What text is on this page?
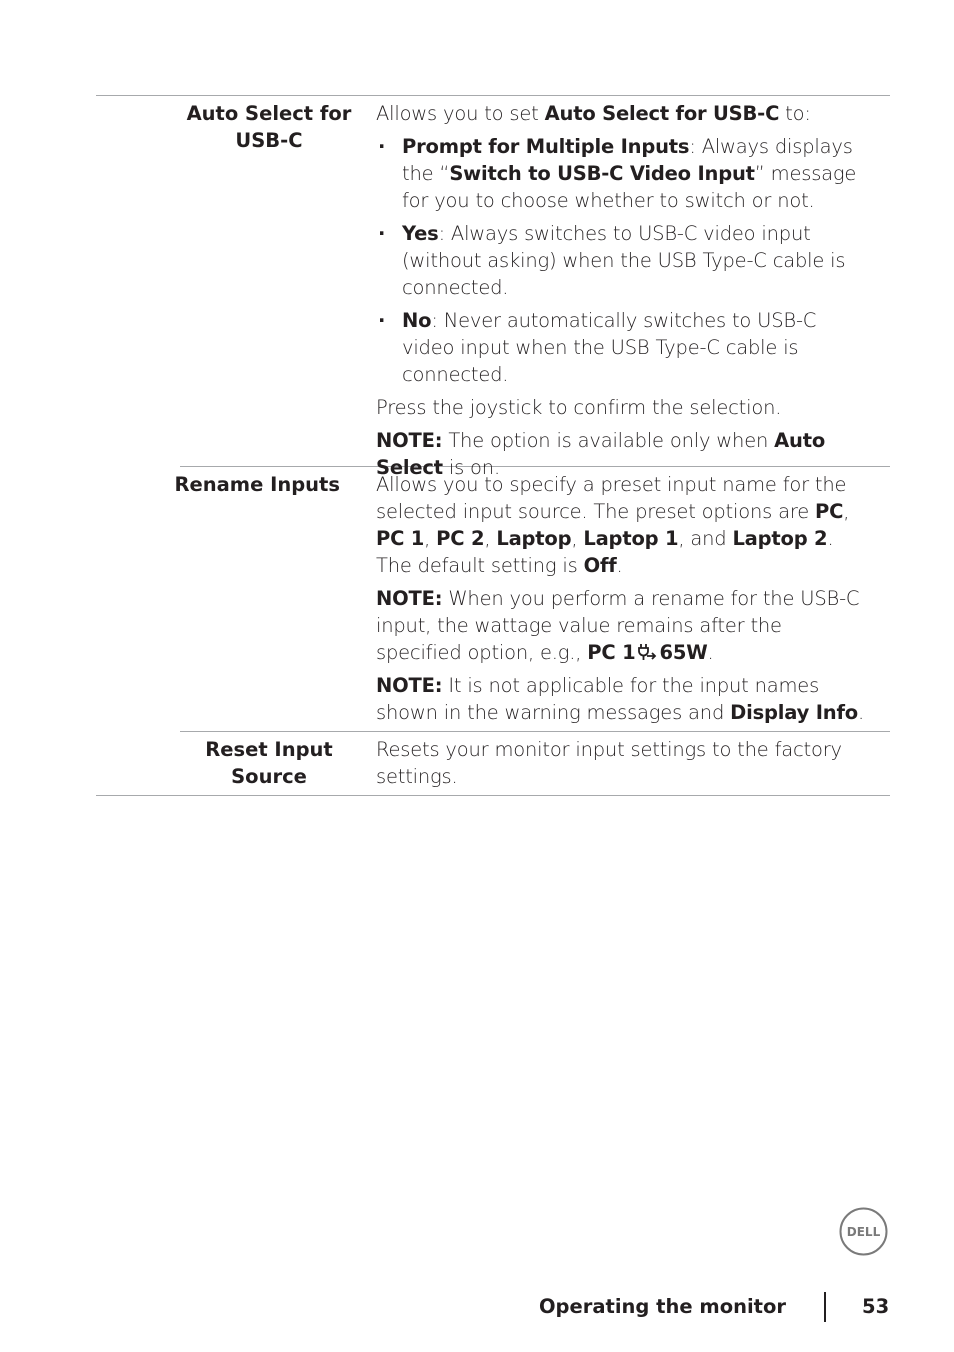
Auto Select for USB-C

Allows you to set Auto Select for USB-C to:

· Prompt for Multiple Inputs: Always displays the “Switch to USB-C Video Input” message for you to choose whether to switch or not.
· Yes: Always switches to USB-C video input (without asking) when the USB Type-C cable is connected.
· No: Never automatically switches to USB-C video input when the USB Type-C cable is connected.

Press the joystick to confirm the selection.

NOTE: The option is available only when Auto Select is on.

Rename Inputs	Allows you to specify a preset input name for the selected input source. The preset options are PC, PC 1, PC 2, Laptop, Laptop 1, and Laptop 2. The default setting is Off.

NOTE: When you perform a rename for the USB-C input, the wattage value remains after the specified option, e.g., PC 1 65W.

NOTE: It is not applicable for the input names shown in the warning messages and Display Info.

Reset Input Source

Resets your monitor input settings to the factory settings.

DELL
Operating the monitor	53
